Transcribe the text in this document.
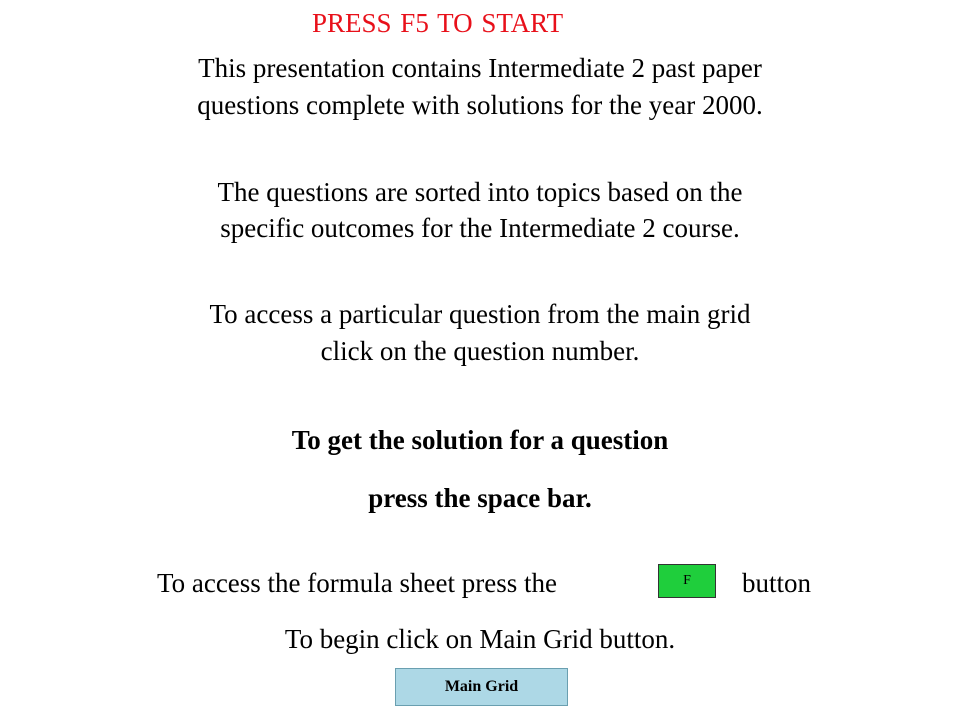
PRESS F5 TO START
This presentation contains Intermediate 2 past paper
questions complete with solutions for the year 2000.
The questions are sorted into topics based on the
specific outcomes for the Intermediate 2 course.
To access a particular question from the main grid
click on the question number.
To get the solution for a question
press the space bar.
To access the formula sheet press the	F	button
To begin click on Main Grid button.
Main Grid
